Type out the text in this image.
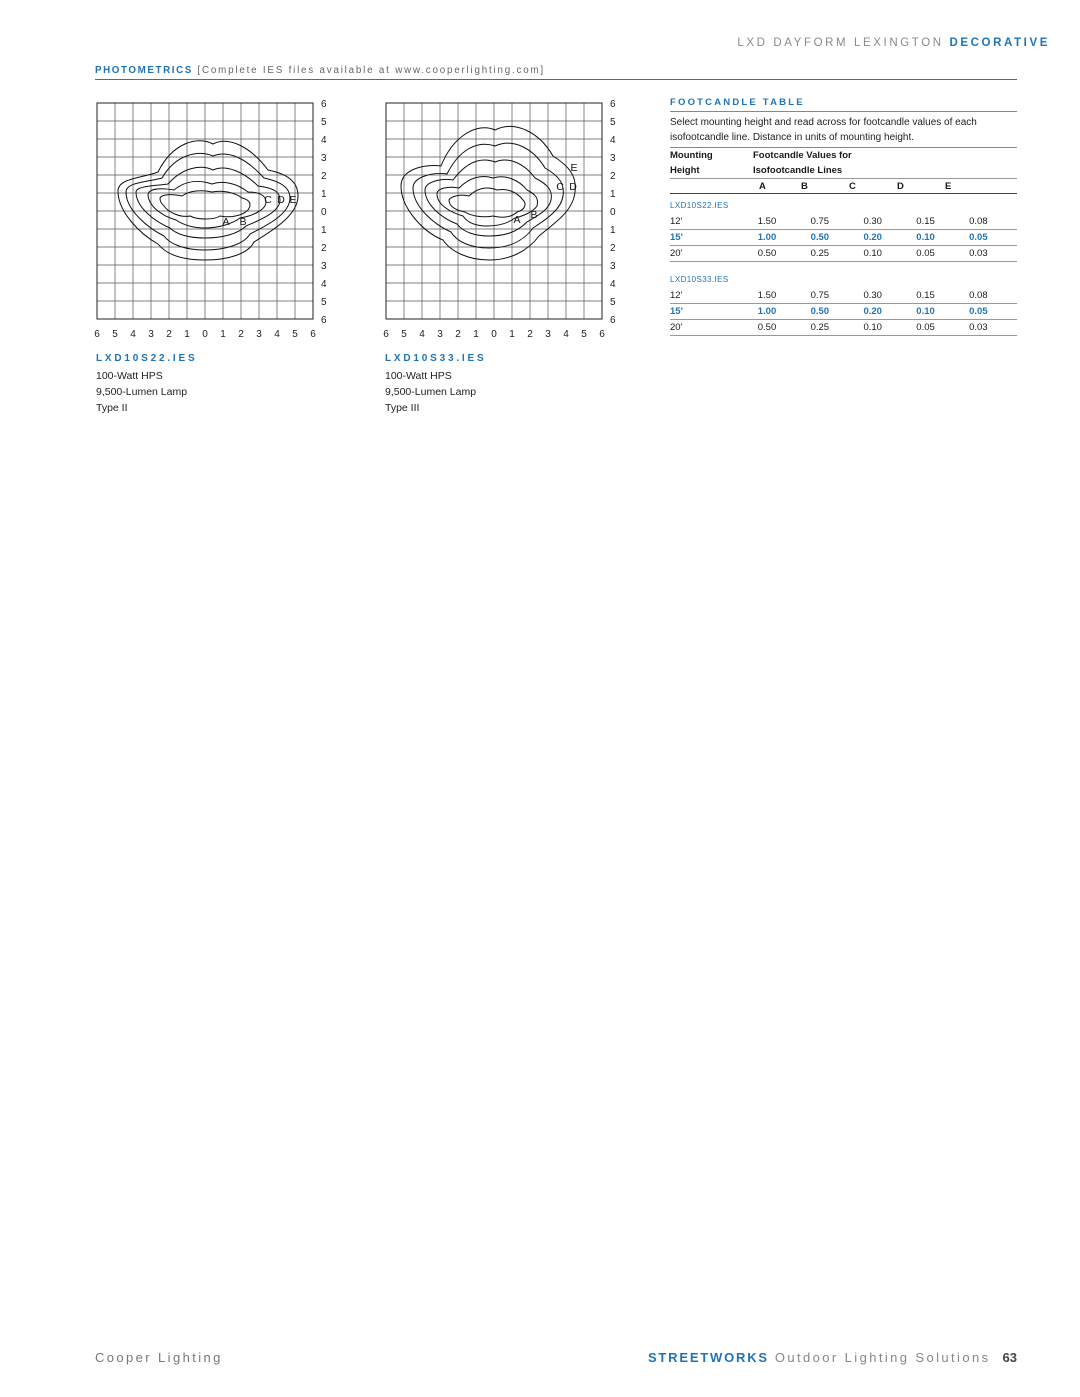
LXD DAYFORM LEXINGTON DECORATIVE
PHOTOMETRICS [Complete IES files available at www.cooperlighting.com]
6
5
4
3
2
1
0
1
2
3
4
5
6
6 5 4 3 2 1 0 1 2 3 4 5 6
C D E
A B
6
5
4
3
2
1
0
1
2
3
4
5
6
6 5 4 3 2 1 0 1 2 3 4 5 6
E
C D
A B
LXD10S22.IES
100-Watt HPS
9,500-Lumen Lamp
Type II
LXD10S33.IES
100-Watt HPS
9,500-Lumen Lamp
Type III
FOOTCANDLE TABLE
Select mounting height and read across for footcandle values of each isofootcandle line. Distance in units of mounting height.
Mounting	Footcandle Values for
Height	Isofootcandle Lines
A	B	C	D	E
LXD10S22.IES
12'	1.50	0.75	0.30	0.15	0.08
15'	1.00	0.50	0.20	0.10	0.05
20'	0.50	0.25	0.10	0.05	0.03
LXD10S33.IES
12'	1.50	0.75	0.30	0.15	0.08
15'	1.00	0.50	0.20	0.10	0.05
20'	0.50	0.25	0.10	0.05	0.03
Cooper Lighting	STREETWORKS Outdoor Lighting Solutions 63
